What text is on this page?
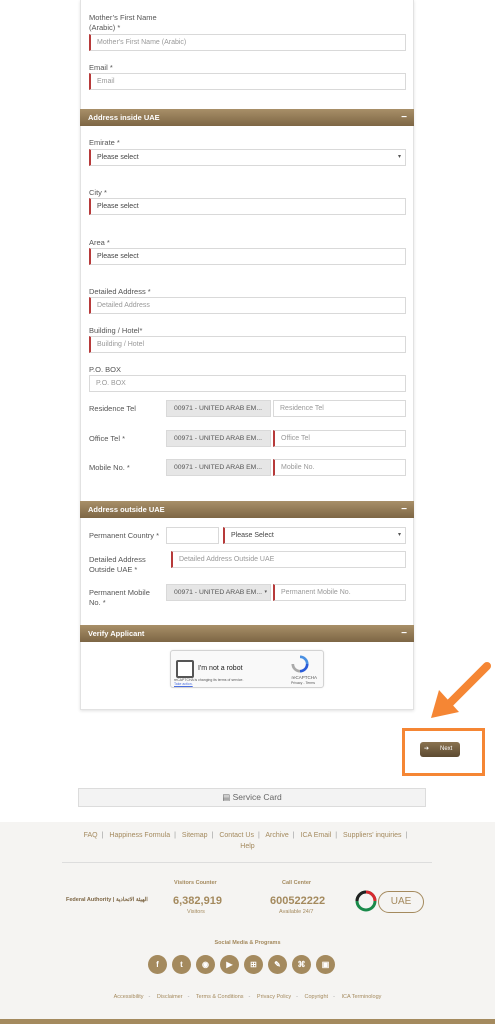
Mother’s First Name
(Arabic) *
Mother's First Name (Arabic)
Email *
Email
Address inside UAE	−
Emirate *
Please select	▾
City *
Please select
Area *
Please select
Detailed Address *
Detailed Address
Building / Hotel*
Building / Hotel
P.O. BOX
P.O. BOX
Residence Tel	00971 - UNITED ARAB EM...	Residence Tel
Office Tel *	00971 - UNITED ARAB EM...	Office Tel
Mobile No. *	00971 - UNITED ARAB EM...	Mobile No.
Address outside UAE	−
Permanent Country *	Please Select	▾
Detailed Address
Outside UAE *
Detailed Address Outside UAE
Permanent Mobile
No. *
00971 - UNITED ARAB EM... ▾	Permanent Mobile No.
Verify Applicant	−
I'm not a robot
reCAPTCHA is changing its terms of service.
Take action.
reCAPTCHA
Privacy - Terms
➔ Next
▤ Service Card
FAQ | Happiness Formula | Sitemap | Contact Us | Archive | ICA Email | Suppliers' inquiries |
Help
Federal Authority | الهيئة الاتحادية
Visitors Counter
6,382,919
Visitors
Call Center
600522222
Available 24/7
UAE
Social Media & Programs
f	t	◉	▶	⊞	✎	⌘	▣
Accessibility - Disclaimer - Terms & Conditions - Privacy Policy - Copyright - ICA Terminology
